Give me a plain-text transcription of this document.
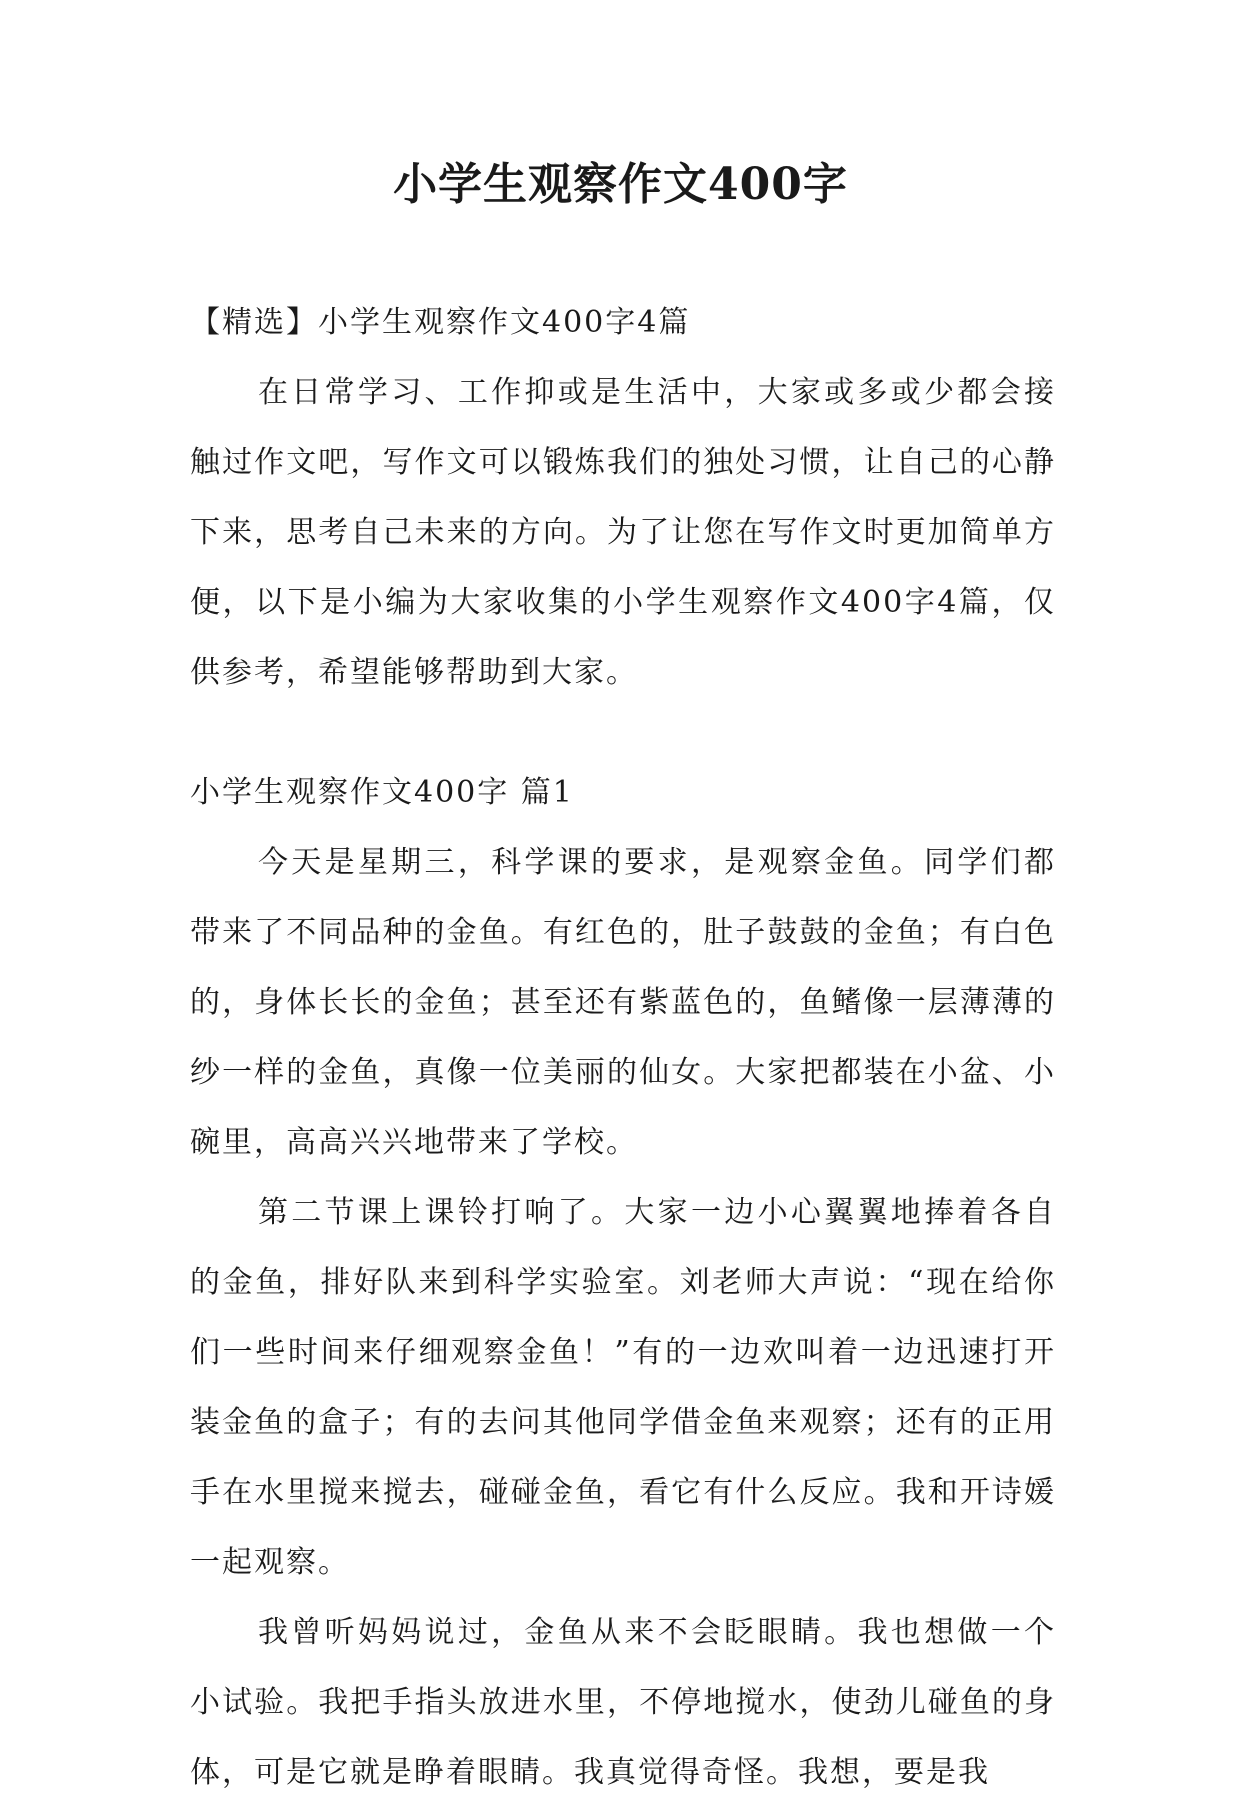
小学生观察作文400字

【精选】小学生观察作文400字4篇

在日常学习、工作抑或是生活中，大家或多或少都会接触过作文吧，写作文可以锻炼我们的独处习惯，让自己的心静下来，思考自己未来的方向。为了让您在写作文时更加简单方便，以下是小编为大家收集的小学生观察作文400字4篇，仅供参考，希望能够帮助到大家。

小学生观察作文400字 篇1

今天是星期三，科学课的要求，是观察金鱼。同学们都带来了不同品种的金鱼。有红色的，肚子鼓鼓的金鱼；有白色的，身体长长的金鱼；甚至还有紫蓝色的，鱼鳍像一层薄薄的纱一样的金鱼，真像一位美丽的仙女。大家把都装在小盆、小碗里，高高兴兴地带来了学校。

第二节课上课铃打响了。大家一边小心翼翼地捧着各自的金鱼，排好队来到科学实验室。刘老师大声说：“现在给你们一些时间来仔细观察金鱼！”有的一边欢叫着一边迅速打开装金鱼的盒子；有的去问其他同学借金鱼来观察；还有的正用手在水里搅来搅去，碰碰金鱼，看它有什么反应。我和开诗媛一起观察。

我曾听妈妈说过，金鱼从来不会眨眼睛。我也想做一个小试验。我把手指头放进水里，不停地搅水，使劲儿碰鱼的身体，可是它就是睁着眼睛。我真觉得奇怪。我想，要是我
